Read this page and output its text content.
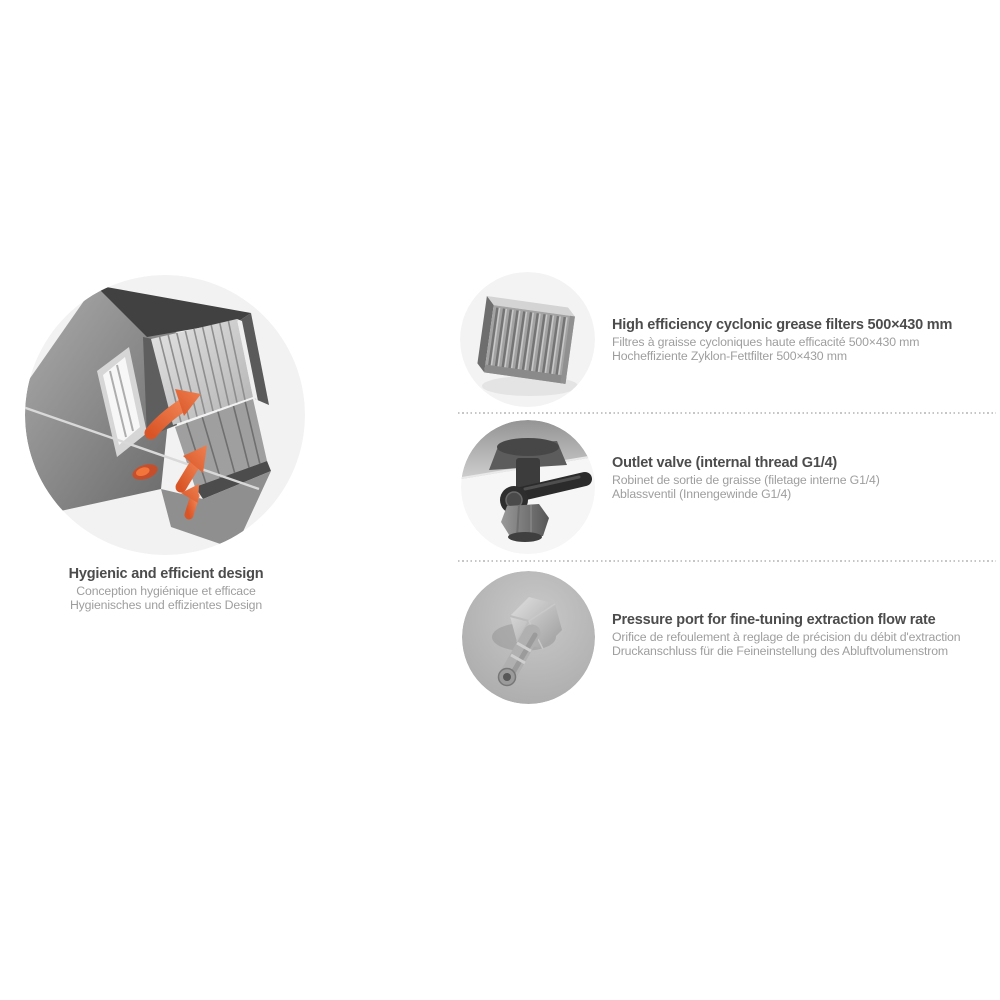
Hygienic and efficient design

Conception hygiénique et efficace

Hygienisches und effizientes Design

High efficiency cyclonic grease filters 500×430 mm

Filtres à graisse cycloniques haute efficacité 500×430 mm

Hocheffiziente Zyklon-Fettfilter 500×430 mm

Outlet valve (internal thread G1/4)

Robinet de sortie de graisse (filetage interne G1/4)

Ablassventil (Innengewinde G1/4)

Pressure port for fine-tuning extraction flow rate

Orifice de refoulement à reglage de précision du débit d'extraction

Druckanschluss für die Feineinstellung des Abluftvolumenstrom
